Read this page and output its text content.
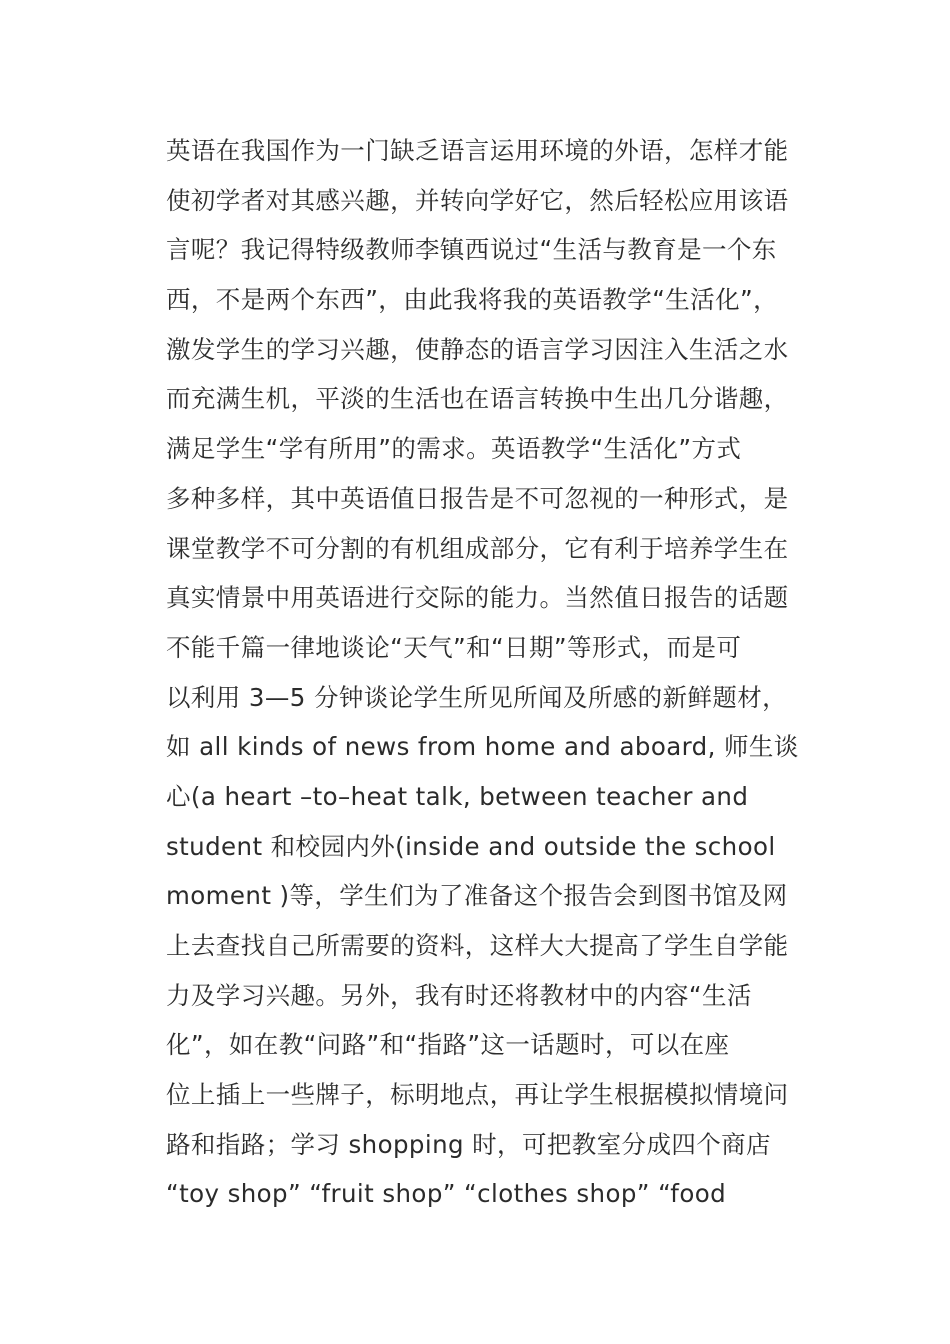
英语在我国作为一门缺乏语言运用环境的外语，怎样才能
使初学者对其感兴趣，并转向学好它，然后轻松应用该语
言呢？我记得特级教师李镇西说过“生活与教育是一个东
西，不是两个东西”，由此我将我的英语教学“生活化”，
激发学生的学习兴趣，使静态的语言学习因注入生活之水
而充满生机，平淡的生活也在语言转换中生出几分谐趣，
满足学生“学有所用”的需求。英语教学“生活化”方式
多种多样，其中英语值日报告是不可忽视的一种形式，是
课堂教学不可分割的有机组成部分，它有利于培养学生在
真实情景中用英语进行交际的能力。当然值日报告的话题
不能千篇一律地谈论“天气”和“日期”等形式，而是可
以利用 3—5 分钟谈论学生所见所闻及所感的新鲜题材，
如 all kinds of news from home and aboard, 师生谈
心(a heart –to–heat talk, between teacher and
student 和校园内外(inside and outside the school
moment )等，学生们为了准备这个报告会到图书馆及网
上去查找自己所需要的资料，这样大大提高了学生自学能
力及学习兴趣。另外，我有时还将教材中的内容“生活
化”，如在教“问路”和“指路”这一话题时，可以在座
位上插上一些牌子，标明地点，再让学生根据模拟情境问
路和指路；学习 shopping 时，可把教室分成四个商店
“toy shop” “fruit shop” “clothes shop” “food
